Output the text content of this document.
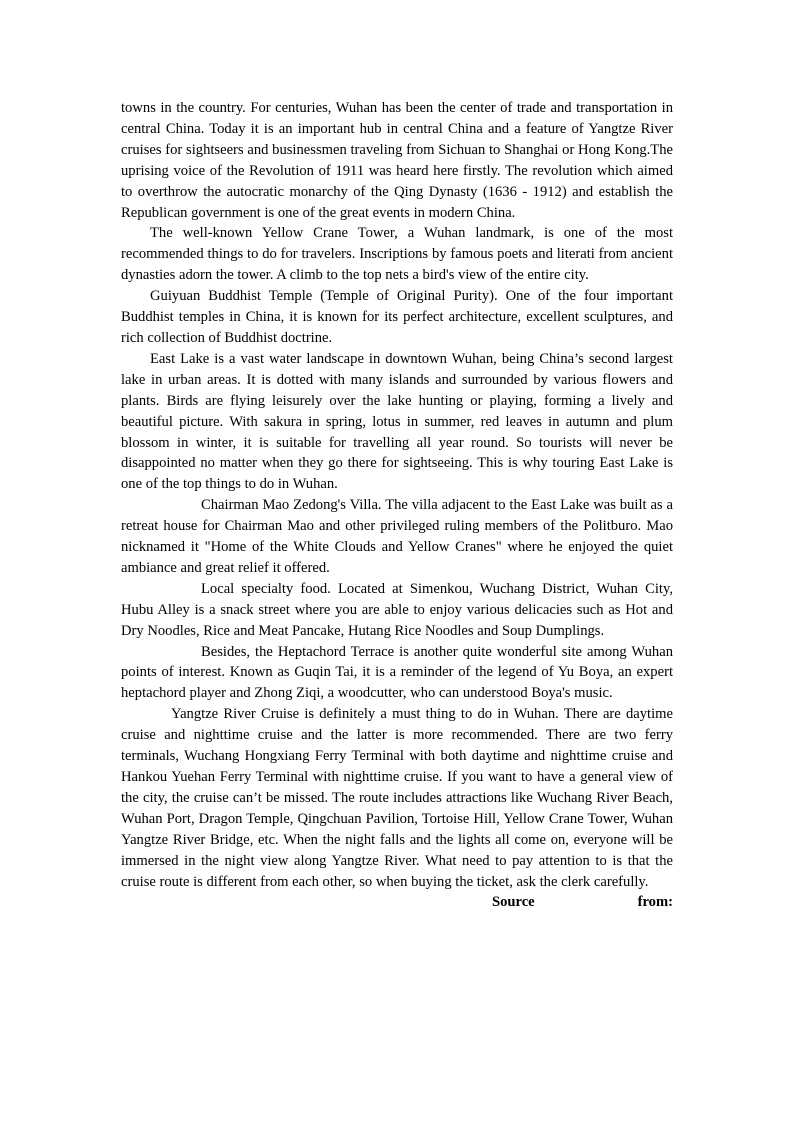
towns in the country. For centuries, Wuhan has been the center of trade and transportation in central China. Today it is an important hub in central China and a feature of Yangtze River cruises for sightseers and businessmen traveling from Sichuan to Shanghai or Hong Kong.The uprising voice of the Revolution of 1911 was heard here firstly. The revolution which aimed to overthrow the autocratic monarchy of the Qing Dynasty (1636 - 1912) and establish the Republican government is one of the great events in modern China.

The well-known Yellow Crane Tower, a Wuhan landmark, is one of the most recommended things to do for travelers. Inscriptions by famous poets and literati from ancient dynasties adorn the tower. A climb to the top nets a bird's view of the entire city.

Guiyuan Buddhist Temple (Temple of Original Purity). One of the four important Buddhist temples in China, it is known for its perfect architecture, excellent sculptures, and rich collection of Buddhist doctrine.

East Lake is a vast water landscape in downtown Wuhan, being China’s second largest lake in urban areas. It is dotted with many islands and surrounded by various flowers and plants. Birds are flying leisurely over the lake hunting or playing, forming a lively and beautiful picture. With sakura in spring, lotus in summer, red leaves in autumn and plum blossom in winter, it is suitable for travelling all year round. So tourists will never be disappointed no matter when they go there for sightseeing. This is why touring East Lake is one of the top things to do in Wuhan.

Chairman Mao Zedong's Villa. The villa adjacent to the East Lake was built as a retreat house for Chairman Mao and other privileged ruling members of the Politburo. Mao nicknamed it "Home of the White Clouds and Yellow Cranes" where he enjoyed the quiet ambiance and great relief it offered.

Local specialty food. Located at Simenkou, Wuchang District, Wuhan City, Hubu Alley is a snack street where you are able to enjoy various delicacies such as Hot and Dry Noodles, Rice and Meat Pancake, Hutang Rice Noodles and Soup Dumplings.

Besides, the Heptachord Terrace is another quite wonderful site among Wuhan points of interest. Known as Guqin Tai, it is a reminder of the legend of Yu Boya, an expert heptachord player and Zhong Ziqi, a woodcutter, who can understood Boya's music.

Yangtze River Cruise is definitely a must thing to do in Wuhan. There are daytime cruise and nighttime cruise and the latter is more recommended. There are two ferry terminals, Wuchang Hongxiang Ferry Terminal with both daytime and nighttime cruise and Hankou Yuehan Ferry Terminal with nighttime cruise. If you want to have a general view of the city, the cruise can’t be missed. The route includes attractions like Wuchang River Beach, Wuhan Port, Dragon Temple, Qingchuan Pavilion, Tortoise Hill, Yellow Crane Tower, Wuhan Yangtze River Bridge, etc. When the night falls and the lights all come on, everyone will be immersed in the night view along Yangtze River. What need to pay attention to is that the cruise route is different from each other, so when buying the ticket, ask the clerk carefully.

Source	from:
